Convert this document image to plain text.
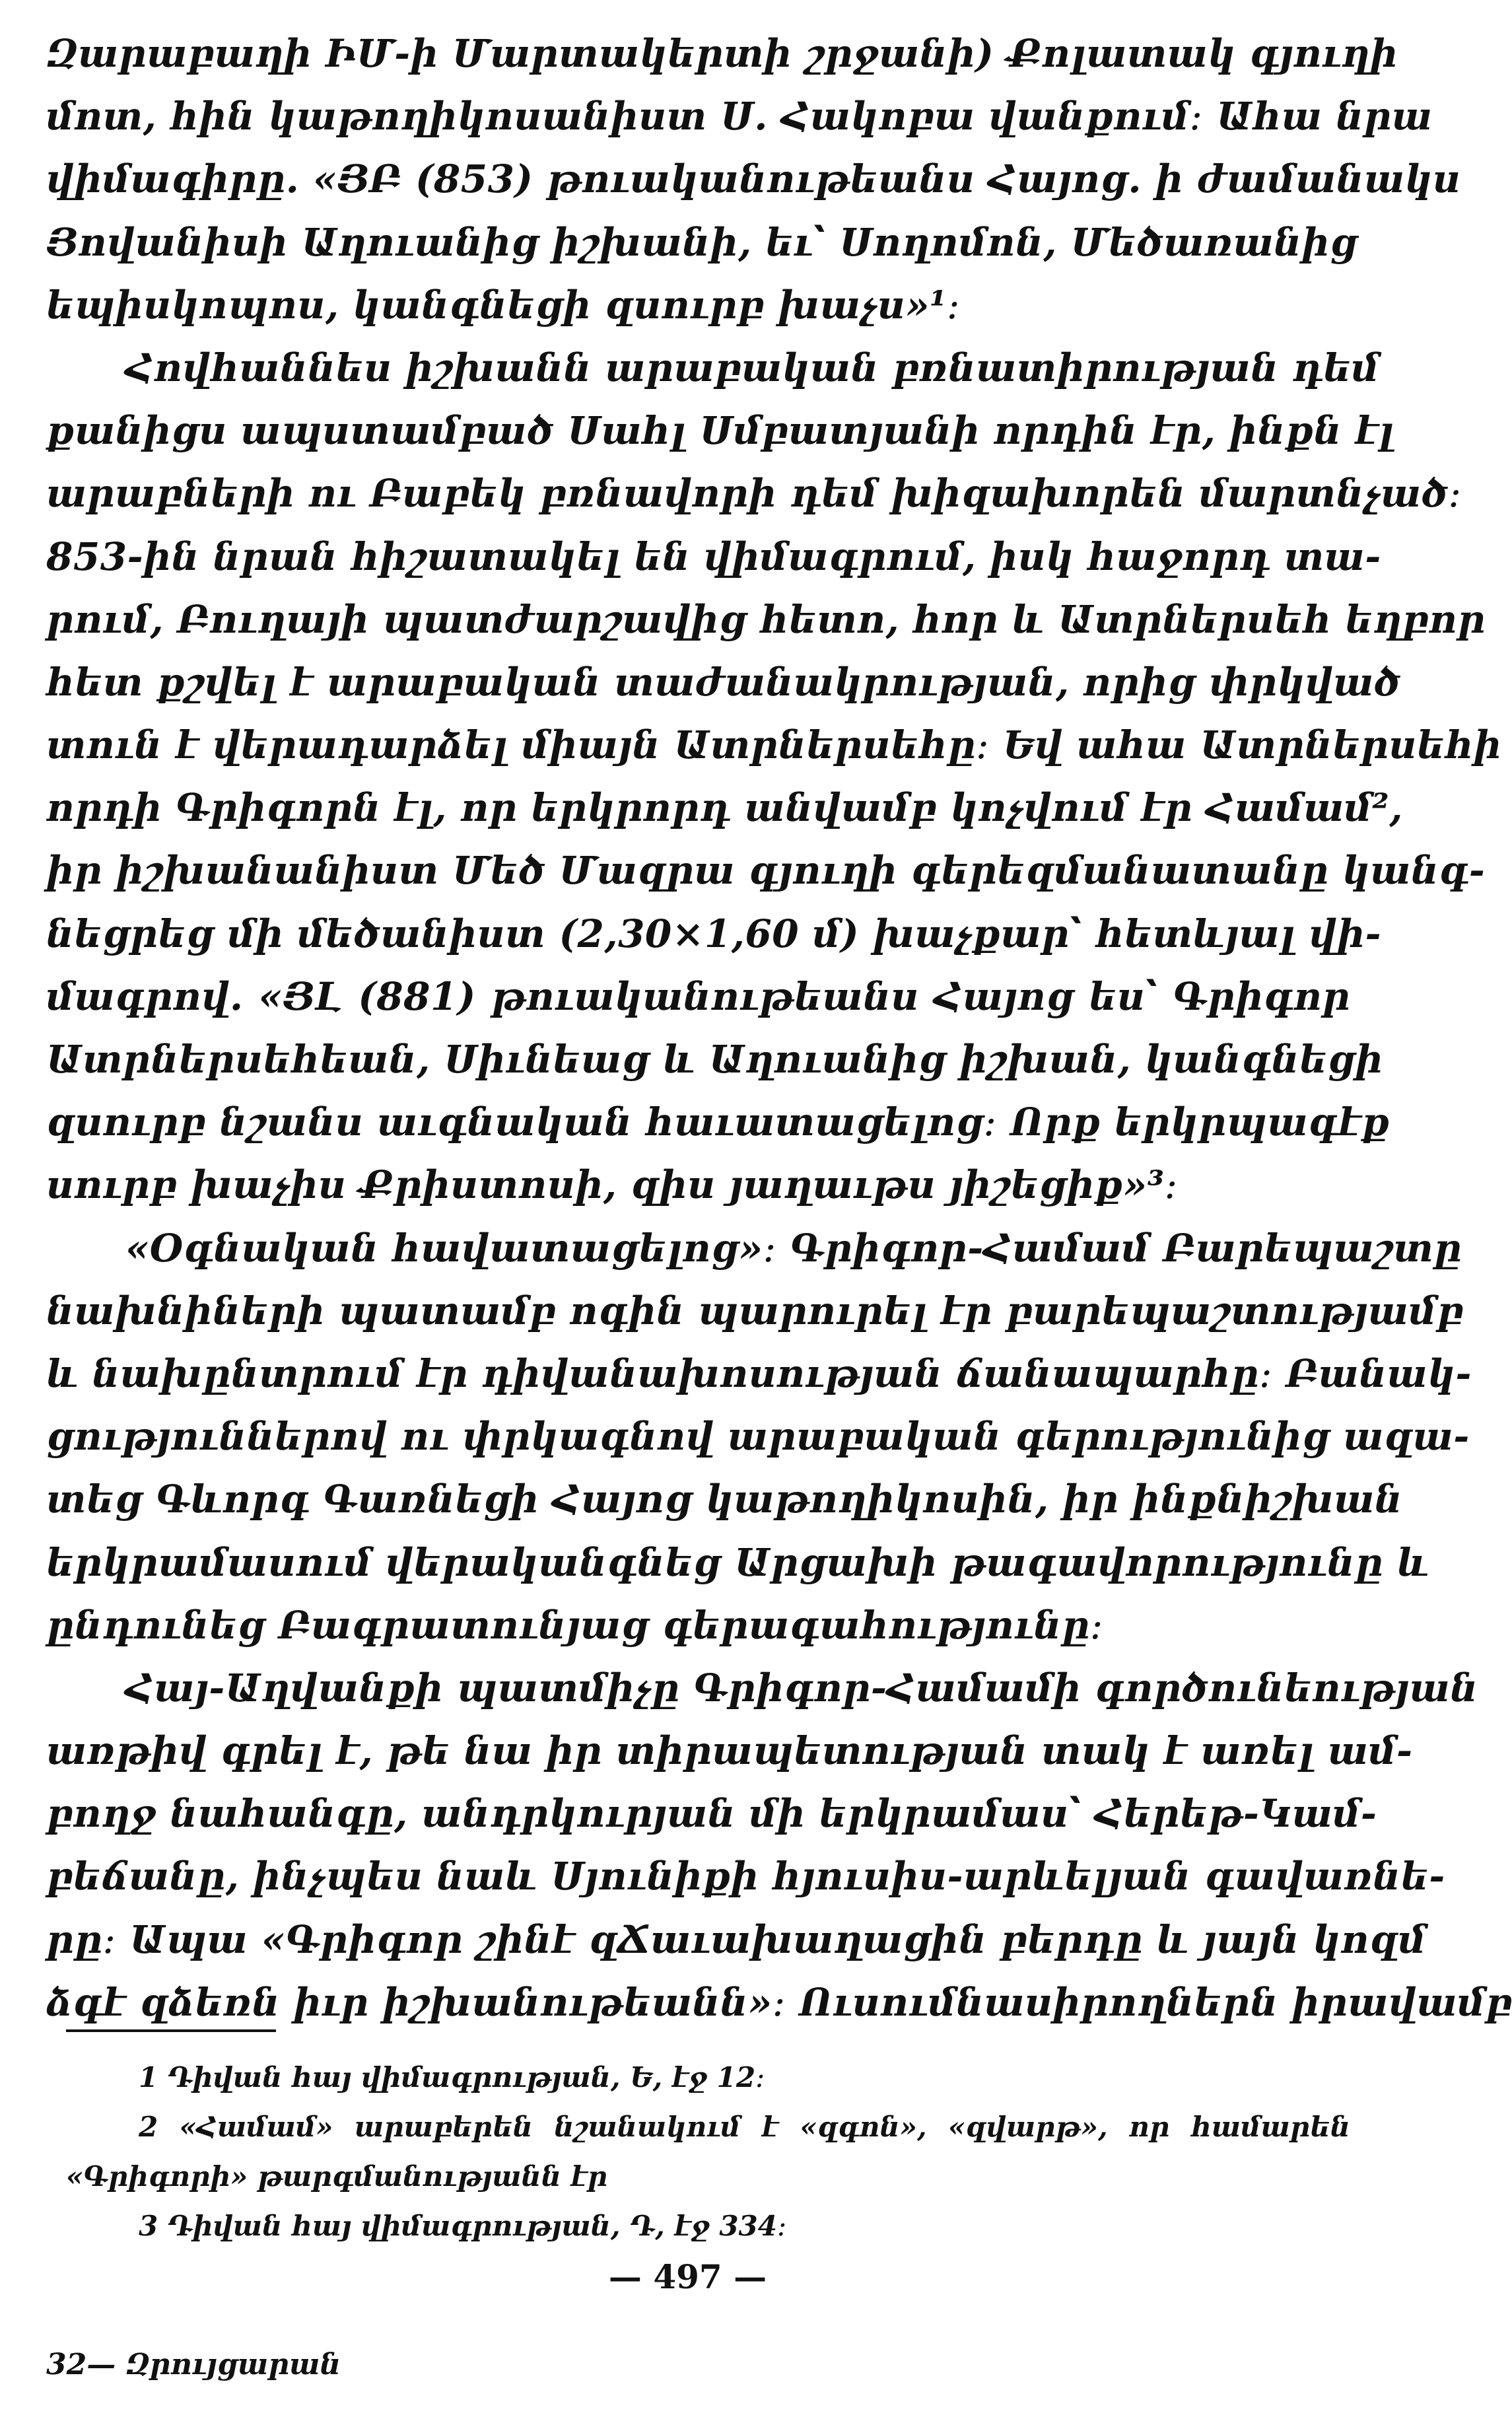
Զարաբաղի ԻՄ-ի Մարտակերտի շրջանի) Քոլատակ գյուղի
մոտ, հին կաթողիկոսանիստ Ս. Հակոբա վանքում։ Ահա նրա
վիմագիրը. «ՅԲ (853) թուականութեանս Հայոց. ի ժամանակս
Յովանիսի Աղուանից իշխանի, եւ՝ Սողոմոն, Մեծառանից
եպիսկոպոս, կանգնեցի զսուրբ խաչս»¹։
Հովհաննես իշխանն արաբական բռնատիրության դեմ
քանիցս ապստամբած Սահլ Սմբատյանի որդին էր, ինքն էլ
արաբների ու Բաբեկ բռնավորի դեմ խիզախորեն մարտնչած։
853-ին նրան հիշատակել են վիմագրում, իսկ հաջորդ տա-
րում, Բուղայի պատժարշավից հետո, հոր և Ատրներսեհ եղբոր
հետ քշվել է արաբական տաժանակրության, որից փրկված
տուն է վերադարձել միայն Ատրներսեհը։ Եվ ահա Ատրներսեհի
որդի Գրիգորն էլ, որ երկրորդ անվամբ կոչվում էր Համամ²,
իր իշխանանիստ Մեծ Մազրա գյուղի գերեզմանատանը կանգ-
նեցրեց մի մեծանիստ (2,30×1,60 մ) խաչքար՝ հետևյալ վի-
մագրով. «ՅԼ (881) թուականութեանս Հայոց ես՝ Գրիգոր
Ատրներսեհեան, Սիւնեաց և Աղուանից իշխան, կանգնեցի
զսուրբ նշանս աւգնական հաւատացելոց։ Որք երկրպագէք
սուրբ խաչիս Քրիստոսի, զիս յաղաւթս յիշեցիք»³։
«Օգնական հավատացելոց»։ Գրիգոր-Համամ Բարեպաշտը
նախնիների պատամբ ոգին պարուրել էր բարեպաշտությամբ
և նախընտրում էր դիվանախոսության ճանապարհը։ Բանակ-
ցություններով ու փրկագնով արաբական գերությունից ազա-
տեց Գևորգ Գառնեցի Հայոց կաթողիկոսին, իր ինքնիշխան
երկրամասում վերականգնեց Արցախի թագավորությունը և
ընդունեց Բագրատունյաց գերագահությունը։
Հայ-Աղվանքի պատմիչը Գրիգոր-Համամի գործունեության
առթիվ գրել է, թե նա իր տիրապետության տակ է առել ամ-
բողջ նահանգը, անդրկուրյան մի երկրամաս՝ Հերեթ-Կամ-
բեճանը, ինչպես նաև Սյունիքի հյուսիս-արևելյան գավառնե-
րը։ Ապա «Գրիգոր շինէ զՃաւախաղացին բերդը և յայն կոզմ
ձգէ զձեռն իւր իշխանութեանն»։ Ուսումնասիրողներն իրավամբ
1 Դիվան հայ վիմագրության, Ե, էջ 12։
2 «Համամ» արաբերեն նշանակում է «զգոն», «զվարթ», որ համարեն
«Գրիգորի» թարգմանությանն էր
3 Դիվան հայ վիմագրության, Դ, էջ 334։
— 497 —
32— Զրույցարան
